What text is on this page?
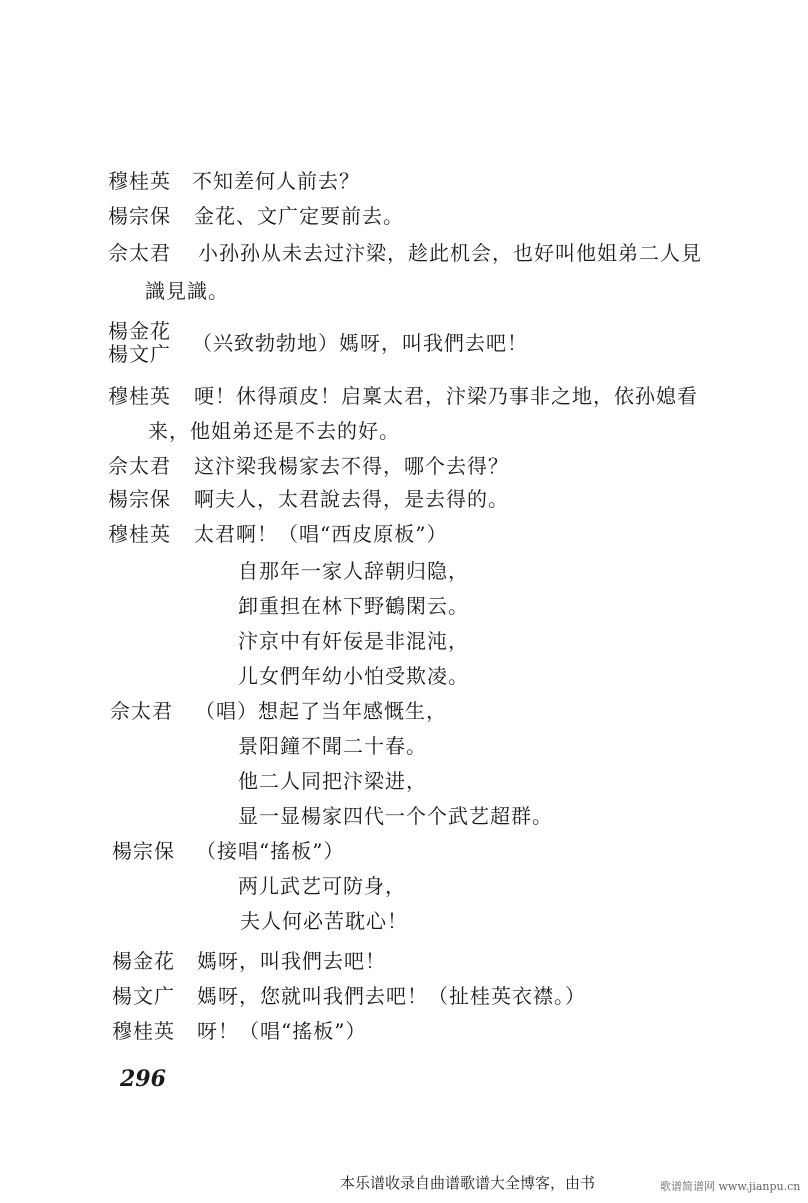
穆桂英 不知差何人前去？
楊宗保 金花、文广定要前去。
佘太君 小孙孙从未去过汴梁，趁此机会，也好叫他姐弟二人見
識見識。
楊金花
楊文广 （兴致勃勃地）媽呀，叫我們去吧！
穆桂英 哽！休得頑皮！启稟太君，汴梁乃事非之地，依孙媳看
来，他姐弟还是不去的好。
佘太君 这汴梁我楊家去不得，哪个去得？
楊宗保 啊夫人，太君說去得，是去得的。
穆桂英 太君啊！（唱“西皮原板”）
自那年一家人辞朝归隐，
卸重担在林下野鶴閑云。
汴京中有奸佞是非混沌，
儿女們年幼小怕受欺凌。
佘太君 （唱）想起了当年感慨生，
景阳鐘不聞二十春。
他二人同把汴梁进，
显一显楊家四代一个个武艺超群。
楊宗保 （接唱“搖板”）
两儿武艺可防身，
夫人何必苦耽心！
楊金花 媽呀，叫我們去吧！
楊文广 媽呀，您就叫我們去吧！（扯桂英衣襟。）
穆桂英 呀！（唱“搖板”）
296
本乐谱收录自曲谱歌谱大全博客，由书	歌谱简谱网 www.jianpu.cn
